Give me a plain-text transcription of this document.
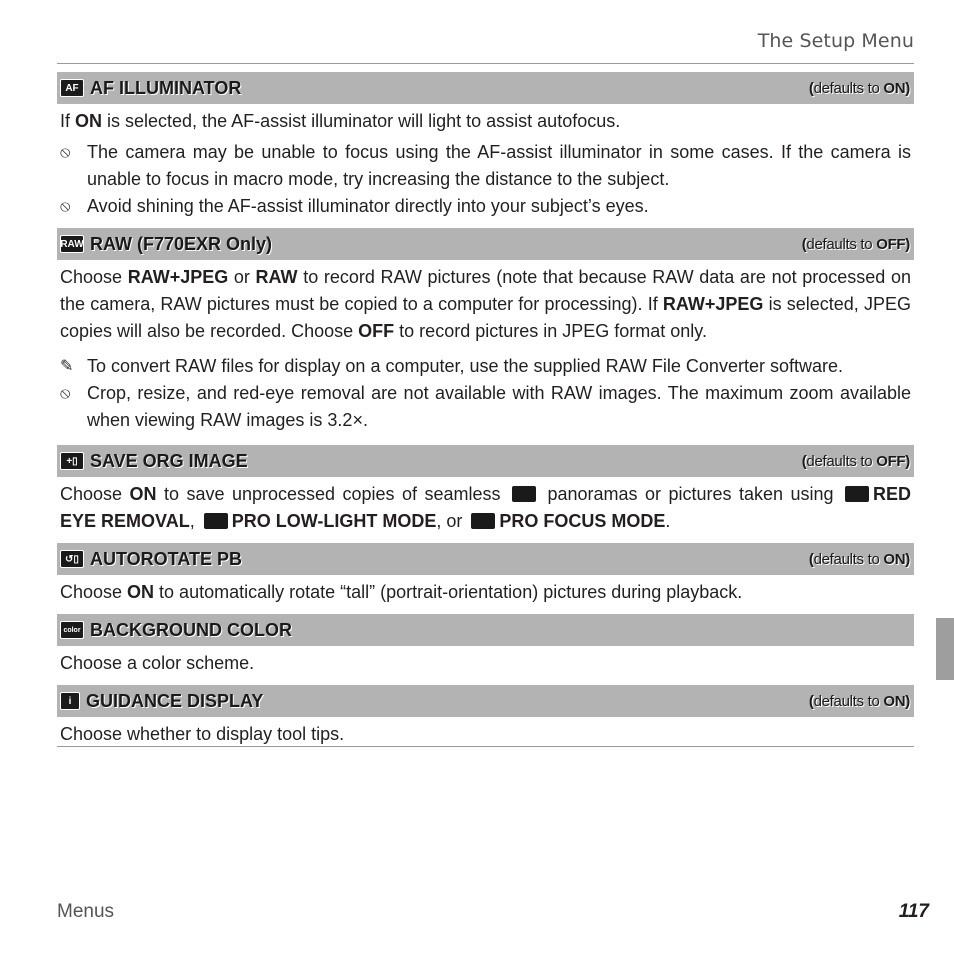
The Setup Menu
AF AF ILLUMINATOR	(defaults to ON)
If ON is selected, the AF-assist illuminator will light to assist autofocus.
⦸ The camera may be unable to focus using the AF-assist illuminator in some cases. If the camera is unable to focus in macro mode, try increasing the distance to the subject.
⦸ Avoid shining the AF-assist illuminator directly into your subject’s eyes.
RAW RAW (F770EXR Only)	(defaults to OFF)
Choose RAW+JPEG or RAW to record RAW pictures (note that because RAW data are not processed on the camera, RAW pictures must be copied to a computer for processing). If RAW+JPEG is selected, JPEG copies will also be recorded. Choose OFF to record pictures in JPEG format only.
✎ To convert RAW files for display on a computer, use the supplied RAW File Converter software.
⦸ Crop, resize, and red-eye removal are not available with RAW images. The maximum zoom available when viewing RAW images is 3.2×.
+▯ SAVE ORG IMAGE	(defaults to OFF)
Choose ON to save unprocessed copies of seamless  panoramas or pictures taken using RED EYE REMOVAL, PRO LOW-LIGHT MODE, or PRO FOCUS MODE.
↺▯ AUTOROTATE PB	(defaults to ON)
Choose ON to automatically rotate “tall” (portrait-orientation) pictures during playback.
color BACKGROUND COLOR
Choose a color scheme.
i GUIDANCE DISPLAY	(defaults to ON)
Choose whether to display tool tips.
Menus	117
